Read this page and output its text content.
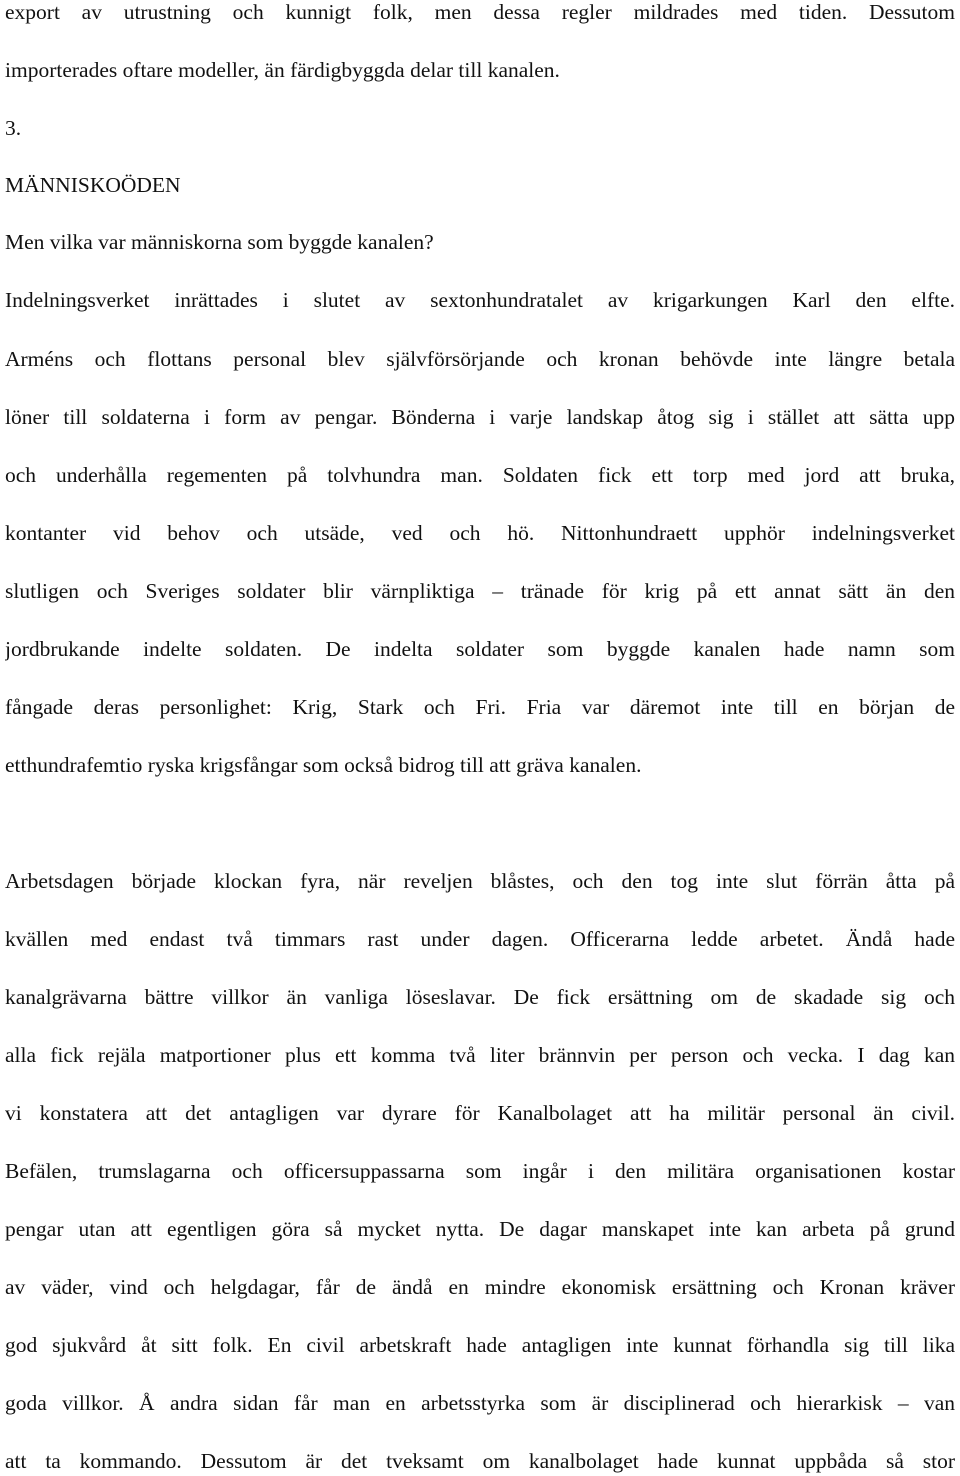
export av utrustning och kunnigt folk, men dessa regler mildrades med tiden. Dessutom
importerades oftare modeller, än färdigbyggda delar till kanalen.
3.
MÄNNISKOÖDEN
Men vilka var människorna som byggde kanalen?
Indelningsverket inrättades i slutet av sextonhundratalet av krigarkungen Karl den elfte.
Arméns och flottans personal blev självförsörjande och kronan behövde inte längre betala
löner till soldaterna i form av pengar. Bönderna i varje landskap åtog sig i stället att sätta upp
och underhålla regementen på tolvhundra man. Soldaten fick ett torp med jord att bruka,
kontanter vid behov och utsäde, ved och hö. Nittonhundraett upphör indelningsverket
slutligen och Sveriges soldater blir värnpliktiga – tränade för krig på ett annat sätt än den
jordbrukande indelte soldaten. De indelta soldater som byggde kanalen hade namn som
fångade deras personlighet: Krig, Stark och Fri. Fria var däremot inte till en början de
etthundrafemtio ryska krigsfångar som också bidrog till att gräva kanalen.
Arbetsdagen började klockan fyra, när reveljen blåstes, och den tog inte slut förrän åtta på
kvällen med endast två timmars rast under dagen. Officerarna ledde arbetet. Ändå hade
kanalgrävarna bättre villkor än vanliga löseslavar. De fick ersättning om de skadade sig och
alla fick rejäla matportioner plus ett komma två liter brännvin per person och vecka. I dag kan
vi konstatera att det antagligen var dyrare för Kanalbolaget att ha militär personal än civil.
Befälen, trumslagarna och officersuppassarna som ingår i den militära organisationen kostar
pengar utan att egentligen göra så mycket nytta. De dagar manskapet inte kan arbeta på grund
av väder, vind och helgdagar, får de ändå en mindre ekonomisk ersättning och Kronan kräver
god sjukvård åt sitt folk. En civil arbetskraft hade antagligen inte kunnat förhandla sig till lika
goda villkor. Å andra sidan får man en arbetsstyrka som är disciplinerad och hierarkisk – van
att ta kommando. Dessutom är det tveksamt om kanalbolaget hade kunnat uppbåda så stor
